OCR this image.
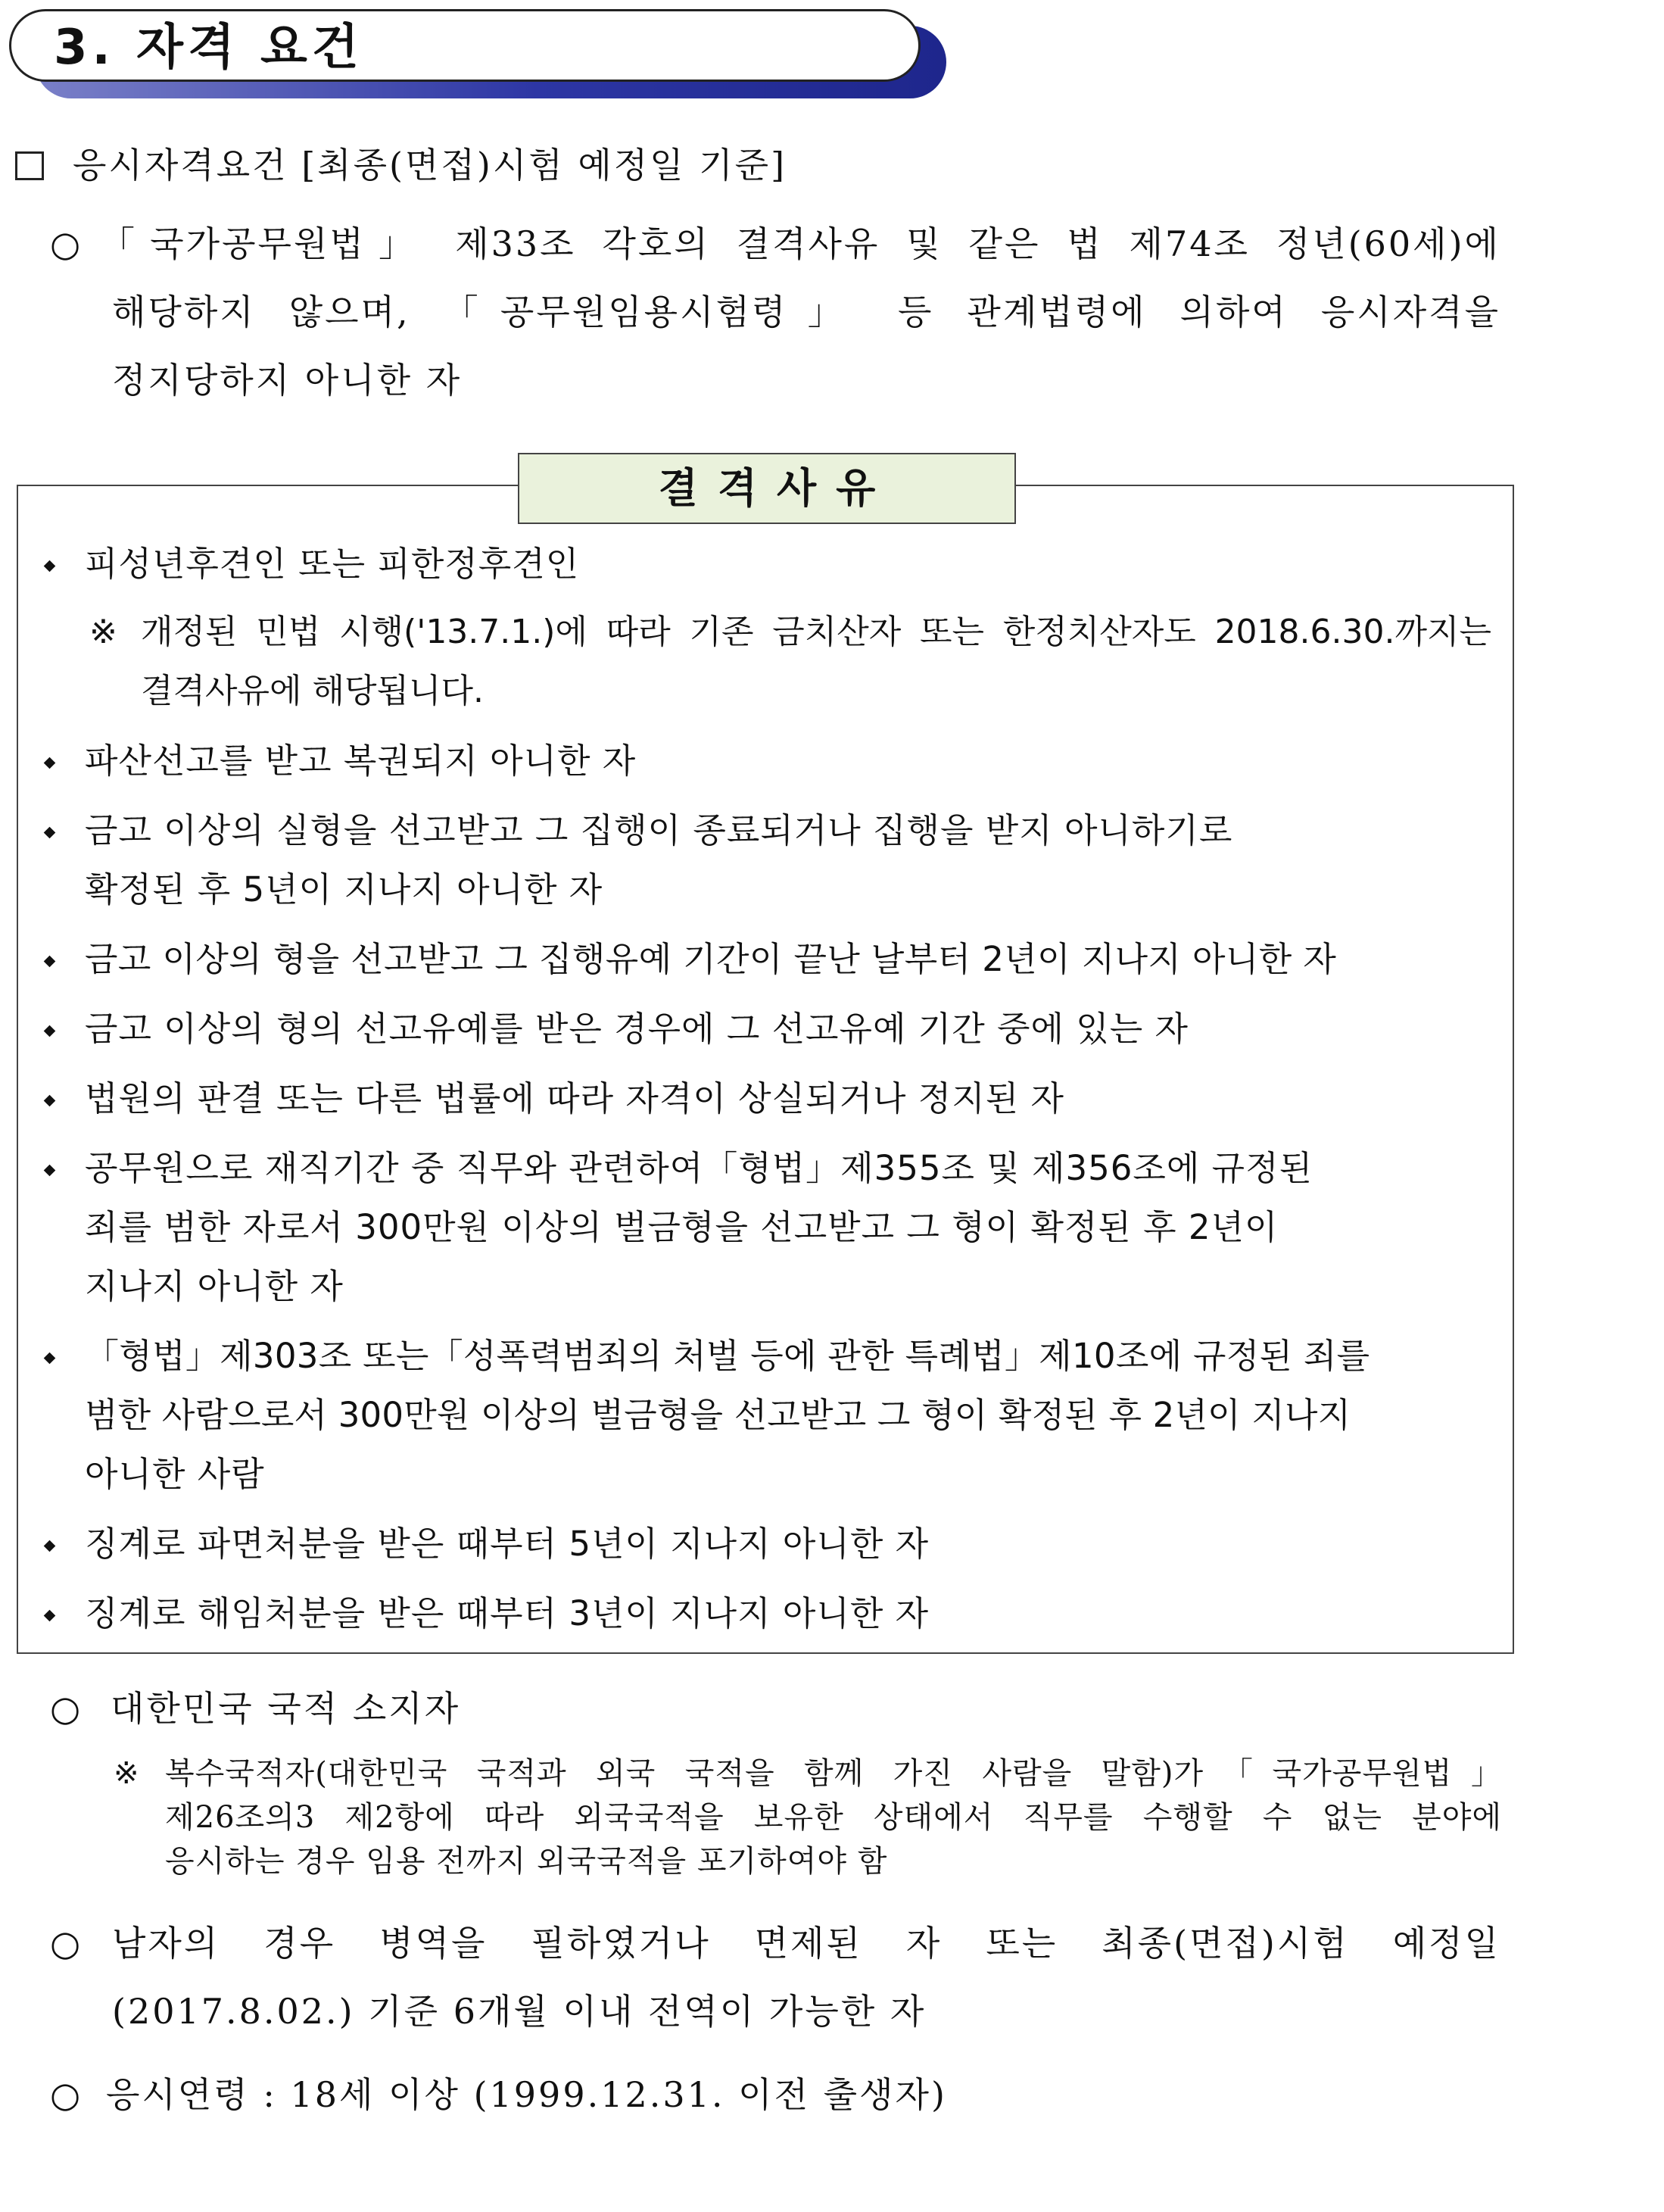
3. 자격 요건
응시자격요건 [최종(면접)시험 예정일 기준]
○ 「국가공무원법」 제33조 각호의 결격사유 및 같은 법 제74조 정년(60세)에
해당하지 않으며, 「공무원임용시험령」 등 관계법령에 의하여 응시자격을
정지당하지 아니한 자
결격사유
피성년후견인 또는 피한정후견인
※ 개정된 민법 시행('13.7.1.)에 따라 기존 금치산자 또는 한정치산자도 2018.6.30.까지는
결격사유에 해당됩니다.
파산선고를 받고 복권되지 아니한 자
금고 이상의 실형을 선고받고 그 집행이 종료되거나 집행을 받지 아니하기로
확정된 후 5년이 지나지 아니한 자
금고 이상의 형을 선고받고 그 집행유예 기간이 끝난 날부터 2년이 지나지 아니한 자
금고 이상의 형의 선고유예를 받은 경우에 그 선고유예 기간 중에 있는 자
법원의 판결 또는 다른 법률에 따라 자격이 상실되거나 정지된 자
공무원으로 재직기간 중 직무와 관련하여「형법」제355조 및 제356조에 규정된
죄를 범한 자로서 300만원 이상의 벌금형을 선고받고 그 형이 확정된 후 2년이
지나지 아니한 자
「형법」제303조 또는「성폭력범죄의 처벌 등에 관한 특례법」제10조에 규정된 죄를
범한 사람으로서 300만원 이상의 벌금형을 선고받고 그 형이 확정된 후 2년이 지나지
아니한 사람
징계로 파면처분을 받은 때부터 5년이 지나지 아니한 자
징계로 해임처분을 받은 때부터 3년이 지나지 아니한 자
○ 대한민국 국적 소지자
※ 복수국적자(대한민국 국적과 외국 국적을 함께 가진 사람을 말함)가「국가공무원법」
제26조의3 제2항에 따라 외국국적을 보유한 상태에서 직무를 수행할 수 없는 분야에
응시하는 경우 임용 전까지 외국국적을 포기하여야 함
○ 남자의 경우 병역을 필하였거나 면제된 자 또는 최종(면접)시험 예정일
(2017.8.02.) 기준 6개월 이내 전역이 가능한 자
○ 응시연령 : 18세 이상 (1999.12.31. 이전 출생자)
